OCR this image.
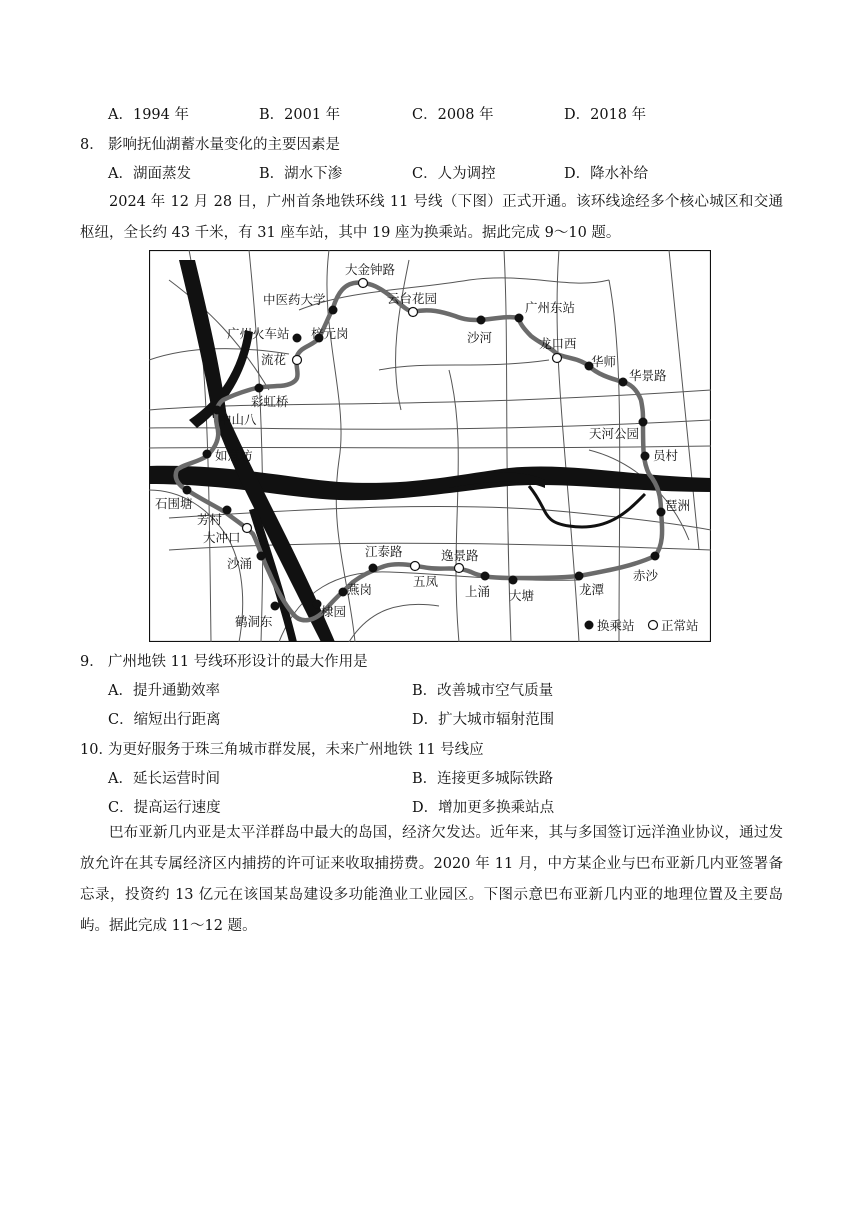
A．1994 年	B．2001 年	C．2008 年	D．2018 年
8． 影响抚仙湖蓄水量变化的主要因素是
A．湖面蒸发	B．湖水下渗	C．人为调控	D．降水补给
2024 年 12 月 28 日，广州首条地铁环线 11 号线（下图）正式开通。该环线途经多个核心城区和交通枢纽，全长约 43 千米，有 31 座车站，其中 19 座为换乘站。据此完成 9～10 题。
大金钟路
中医药大学	云台花园
广州东站
广州火车站 梓元岗	沙河	龙口西
流花	华师
华景路
彩虹桥
中山八
天河公园
如意坊	员村
石围塘	琶洲
芳村
大冲口
沙涌
江泰路	逸景路
赤沙
五凤
燕岗	上涌 大塘	龙潭
鹤洞东
棣园
换乘站 正常站
9． 广州地铁 11 号线环形设计的最大作用是
A．提升通勤效率	B．改善城市空气质量
C．缩短出行距离	D．扩大城市辐射范围
10．
为更好服务于珠三角城市群发展，未来广州地铁 11 号线应
A．延长运营时间	B．连接更多城际铁路
C．提高运行速度	D．增加更多换乘站点
巴布亚新几内亚是太平洋群岛中最大的岛国，经济欠发达。近年来，其与多国签订远洋渔业协议，通过发放允许在其专属经济区内捕捞的许可证来收取捕捞费。2020 年 11 月，中方某企业与巴布亚新几内亚签署备忘录，投资约 13 亿元在该国某岛建设多功能渔业工业园区。下图示意巴布亚新几内亚的地理位置及主要岛屿。据此完成 11～12 题。
